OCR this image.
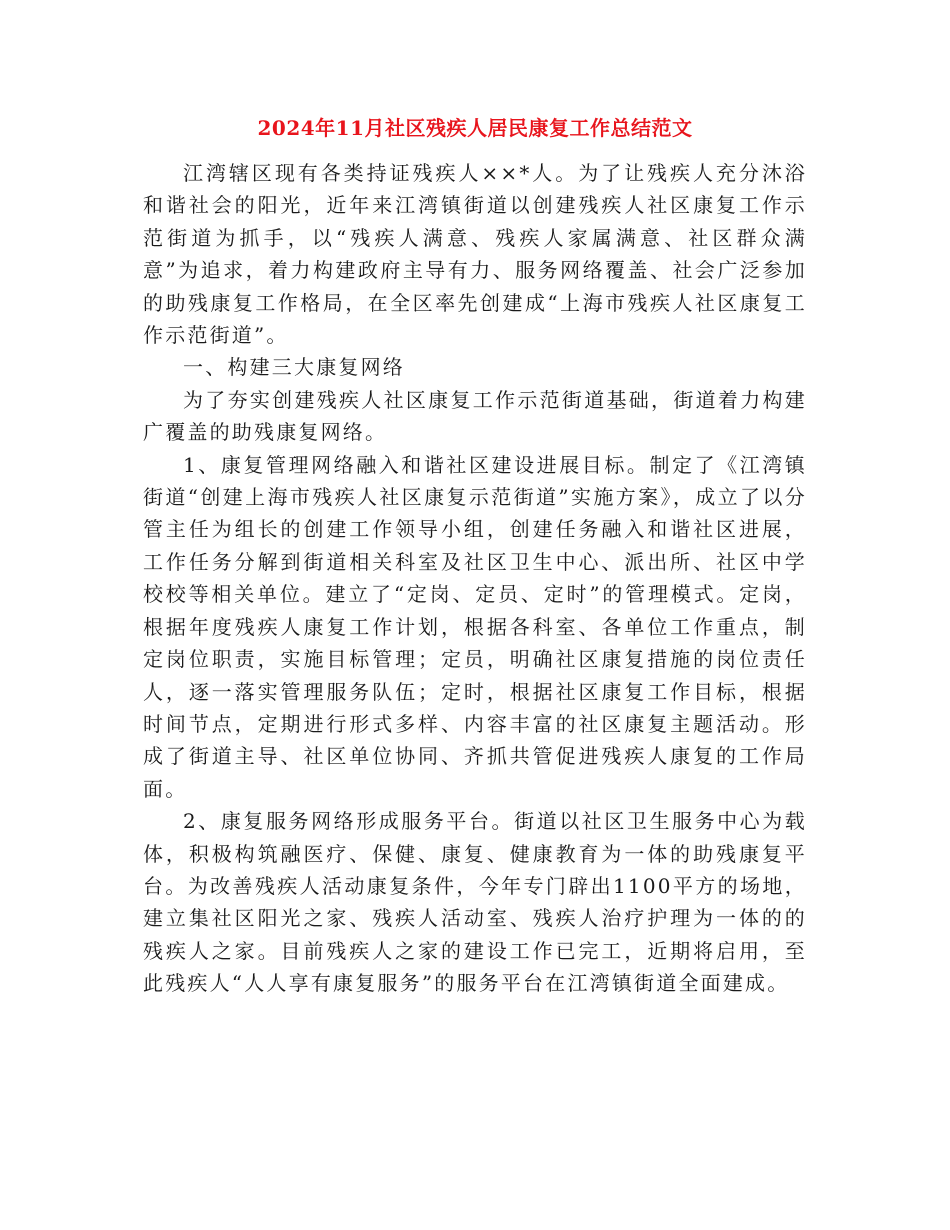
2024年11月社区残疾人居民康复工作总结范文

江湾辖区现有各类持证残疾人××*人。为了让残疾人充分沐浴和谐社会的阳光，近年来江湾镇街道以创建残疾人社区康复工作示范街道为抓手，以“残疾人满意、残疾人家属满意、社区群众满意”为追求，着力构建政府主导有力、服务网络覆盖、社会广泛参加的助残康复工作格局，在全区率先创建成“上海市残疾人社区康复工作示范街道”。

一、构建三大康复网络

为了夯实创建残疾人社区康复工作示范街道基础，街道着力构建广覆盖的助残康复网络。

1、康复管理网络融入和谐社区建设进展目标。制定了《江湾镇街道“创建上海市残疾人社区康复示范街道”实施方案》，成立了以分管主任为组长的创建工作领导小组，创建任务融入和谐社区进展，工作任务分解到街道相关科室及社区卫生中心、派出所、社区中学校校等相关单位。建立了“定岗、定员、定时”的管理模式。定岗，根据年度残疾人康复工作计划，根据各科室、各单位工作重点，制定岗位职责，实施目标管理；定员，明确社区康复措施的岗位责任人，逐一落实管理服务队伍；定时，根据社区康复工作目标，根据时间节点，定期进行形式多样、内容丰富的社区康复主题活动。形成了街道主导、社区单位协同、齐抓共管促进残疾人康复的工作局面。

2、康复服务网络形成服务平台。街道以社区卫生服务中心为载体，积极构筑融医疗、保健、康复、健康教育为一体的助残康复平台。为改善残疾人活动康复条件，今年专门辟出1100平方的场地，建立集社区阳光之家、残疾人活动室、残疾人治疗护理为一体的的残疾人之家。目前残疾人之家的建设工作已完工，近期将启用，至此残疾人“人人享有康复服务”的服务平台在江湾镇街道全面建成。
